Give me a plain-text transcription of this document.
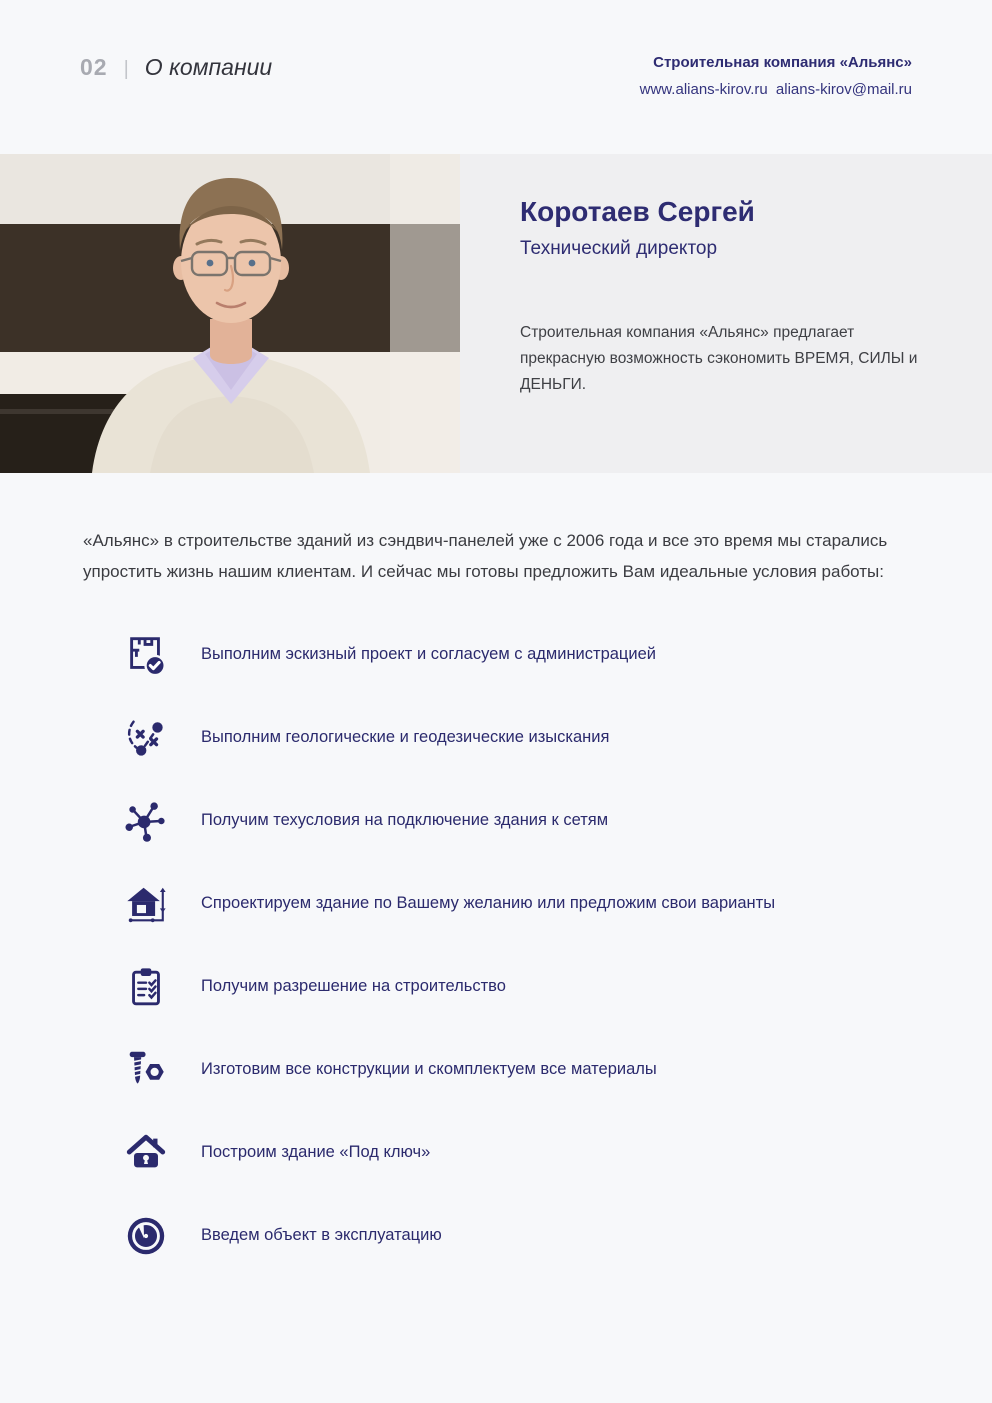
02 | О компании	Строительная компания «Альянс»
www.alians-kirov.ru alians-kirov@mail.ru
Коротаев Сергей

Технический директор

Строительная компания «Альянс» предлагает прекрасную возможность сэкономить ВРЕМЯ, СИЛЫ и ДЕНЬГИ.

«Альянс» в строительстве зданий из сэндвич-панелей уже с 2006 года и все это время мы старались упростить жизнь нашим клиентам. И сейчас мы готовы предложить Вам идеальные условия работы:

Выполним эскизный проект и согласуем с администрацией
Выполним геологические и геодезические изыскания
Получим техусловия на подключение здания к сетям
Спроектируем здание по Вашему желанию или предложим свои варианты
Получим разрешение на строительство
Изготовим все конструкции и скомплектуем все материалы
Построим здание «Под ключ»
Введем объект в эксплуатацию
